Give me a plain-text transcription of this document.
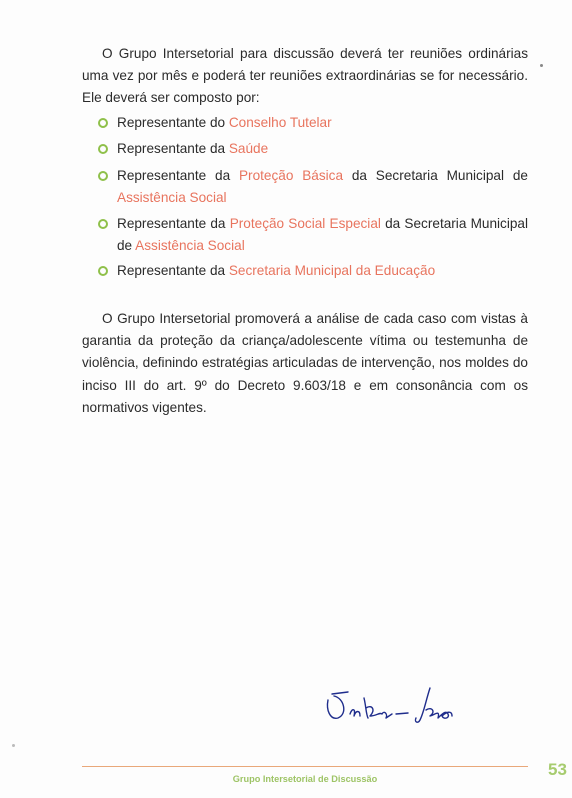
O Grupo Intersetorial para discussão deverá ter reuniões ordinárias uma vez por mês e poderá ter reuniões extraordinárias se for necessário. Ele deverá ser composto por:

Representante do Conselho Tutelar
Representante da Saúde
Representante da Proteção Básica da Secretaria Municipal de Assistência Social
Representante da Proteção Social Especial da Secretaria Municipal de Assistência Social
Representante da Secretaria Municipal da Educação

O Grupo Intersetorial promoverá a análise de cada caso com vistas à garantia da proteção da criança/adolescente vítima ou testemunha de violência, definindo estratégias articuladas de intervenção, nos moldes do inciso III do art. 9º do Decreto 9.603/18 e em consonância com os normativos vigentes.

Grupo Intersetorial de Discussão	53
